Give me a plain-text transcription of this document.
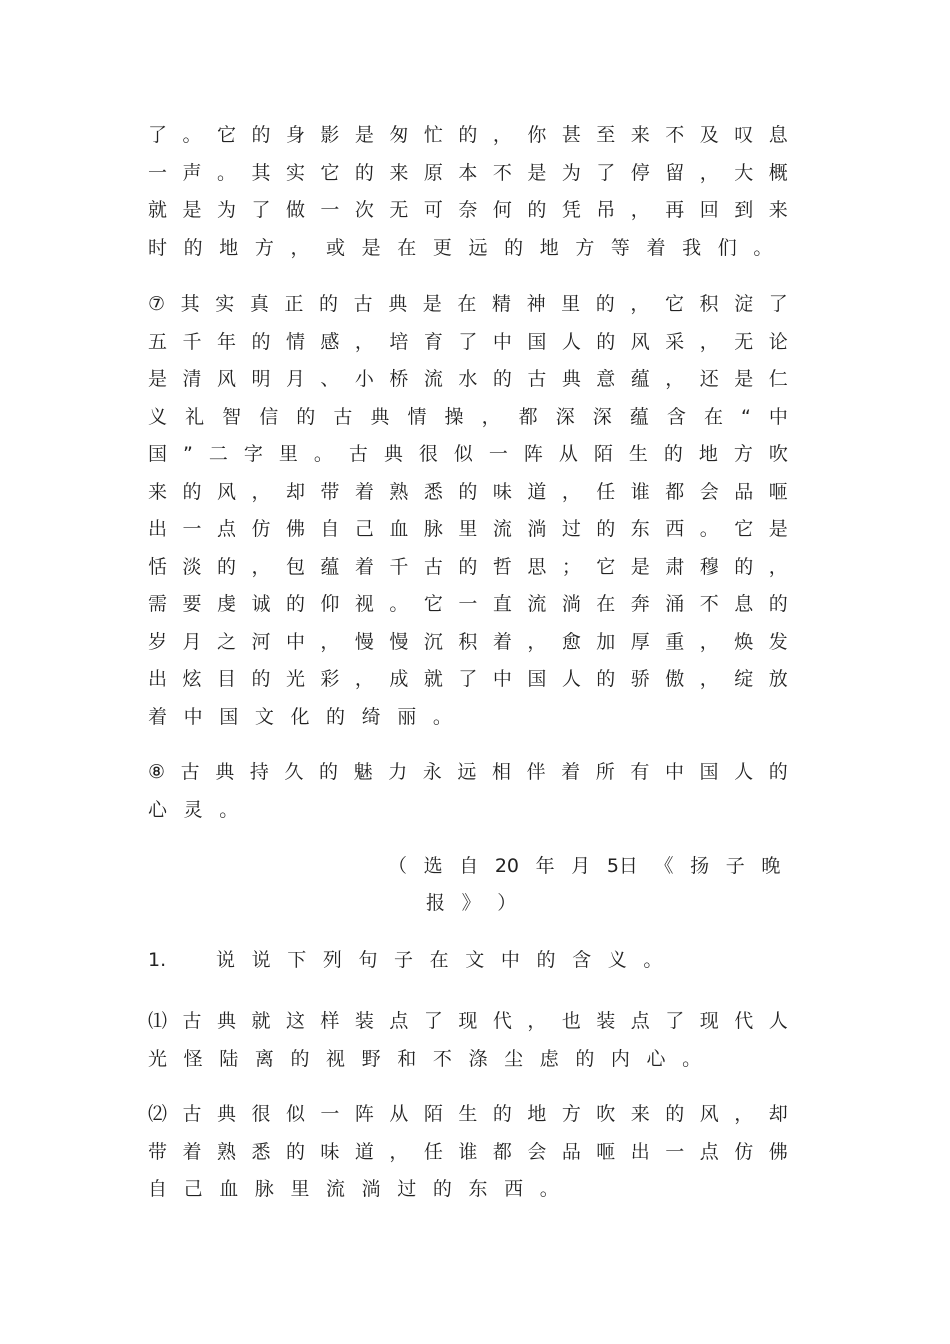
了 。 它 的 身 影 是 匆 忙 的 ， 你 甚 至 来 不 及 叹 息
一 声 。 其 实 它 的 来 原 本 不 是 为 了 停 留 ， 大 概
就 是 为 了 做 一 次 无 可 奈 何 的 凭 吊 ， 再 回 到 来
时 的 地 方 ， 或 是 在 更 远 的 地 方 等 着 我 们 。
⑦ 其 实 真 正 的 古 典 是 在 精 神 里 的 ， 它 积 淀 了
五 千 年 的 情 感 ， 培 育 了 中 国 人 的 风 采 ， 无 论
是 清 风 明 月 、 小 桥 流 水 的 古 典 意 蕴 ， 还 是 仁
义 礼 智 信 的 古 典 情 操 ， 都 深 深 蕴 含 在 “ 中
国 ” 二 字 里 。 古 典 很 似 一 阵 从 陌 生 的 地 方 吹
来 的 风 ， 却 带 着 熟 悉 的 味 道 ， 任 谁 都 会 品 咂
出 一 点 仿 佛 自 己 血 脉 里 流 淌 过 的 东 西 。 它 是
恬 淡 的 ， 包 蕴 着 千 古 的 哲 思 ； 它 是 肃 穆 的 ，
需 要 虔 诚 的 仰 视 。 它 一 直 流 淌 在 奔 涌 不 息 的
岁 月 之 河 中 ， 慢 慢 沉 积 着 ， 愈 加 厚 重 ， 焕 发
出 炫 目 的 光 彩 ， 成 就 了 中 国 人 的 骄 傲 ， 绽 放
着 中 国 文 化 的 绮 丽 。
⑧ 古 典 持 久 的 魅 力 永 远 相 伴 着 所 有 中 国 人 的
心 灵 。
（ 选 自 20 年 月 5日 《 扬 子 晚
报 》 ）
1.	说 说 下 列 句 子 在 文 中 的 含 义 。
⑴ 古 典 就 这 样 装 点 了 现 代 ， 也 装 点 了 现 代 人
光 怪 陆 离 的 视 野 和 不 涤 尘 虑 的 内 心 。
⑵ 古 典 很 似 一 阵 从 陌 生 的 地 方 吹 来 的 风 ， 却
带 着 熟 悉 的 味 道 ， 任 谁 都 会 品 咂 出 一 点 仿 佛
自 己 血 脉 里 流 淌 过 的 东 西 。
